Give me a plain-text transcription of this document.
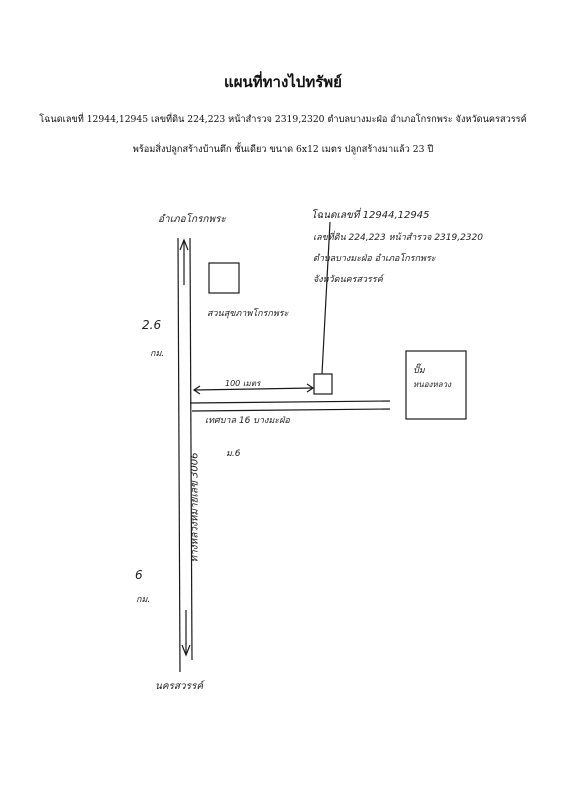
แผนที่ทางไปทรัพย์
โฉนดเลขที่ 12944,12945 เลขที่ดิน 224,223 หน้าสำรวจ 2319,2320 ตำบลบางมะฝ่อ อำเภอโกรกพระ จังหวัดนครสวรรค์
พร้อมสิ่งปลูกสร้างบ้านตึก ชั้นเดียว ขนาด 6x12 เมตร ปลูกสร้างมาแล้ว 23 ปี
อำเภอโกรกพระ
นครสวรรค์
ทางหลวงหมายเลข 3006
2.6
กม.
6
กม.
สวนสุขภาพโกรกพระ
100 เมตร
เทศบาล 16 บางมะฝ่อ
ม.6
ปั๊ม
หนองหลวง
โฉนดเลขที่ 12944,12945
เลขที่ดิน 224,223 หน้าสำรวจ 2319,2320
ตำบลบางมะฝ่อ อำเภอโกรกพระ
จังหวัดนครสวรรค์
